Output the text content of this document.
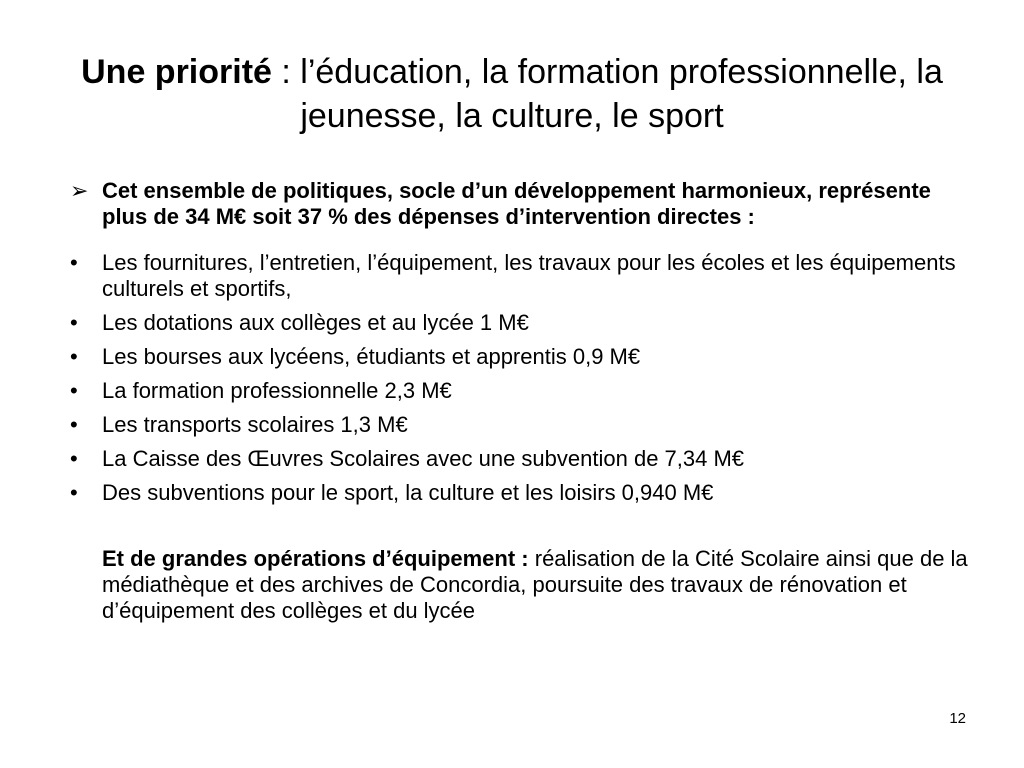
Une priorité : l’éducation, la formation professionnelle, la jeunesse, la culture, le sport
➢ Cet ensemble de politiques, socle d’un développement harmonieux, représente plus de 34 M€ soit 37 % des dépenses d’intervention directes :
• Les fournitures, l’entretien, l’équipement, les travaux pour les écoles et les équipements culturels et sportifs,
• Les dotations aux collèges et au lycée 1 M€
• Les bourses aux lycéens, étudiants et apprentis 0,9 M€
• La formation professionnelle 2,3 M€
• Les transports scolaires 1,3 M€
• La Caisse des Œuvres Scolaires avec une subvention de 7,34 M€
• Des subventions pour le sport, la culture et les loisirs 0,940 M€
Et de grandes opérations d’équipement : réalisation de la Cité Scolaire ainsi que de la médiathèque et des archives de Concordia, poursuite des travaux de rénovation et d’équipement des collèges et du lycée
12
